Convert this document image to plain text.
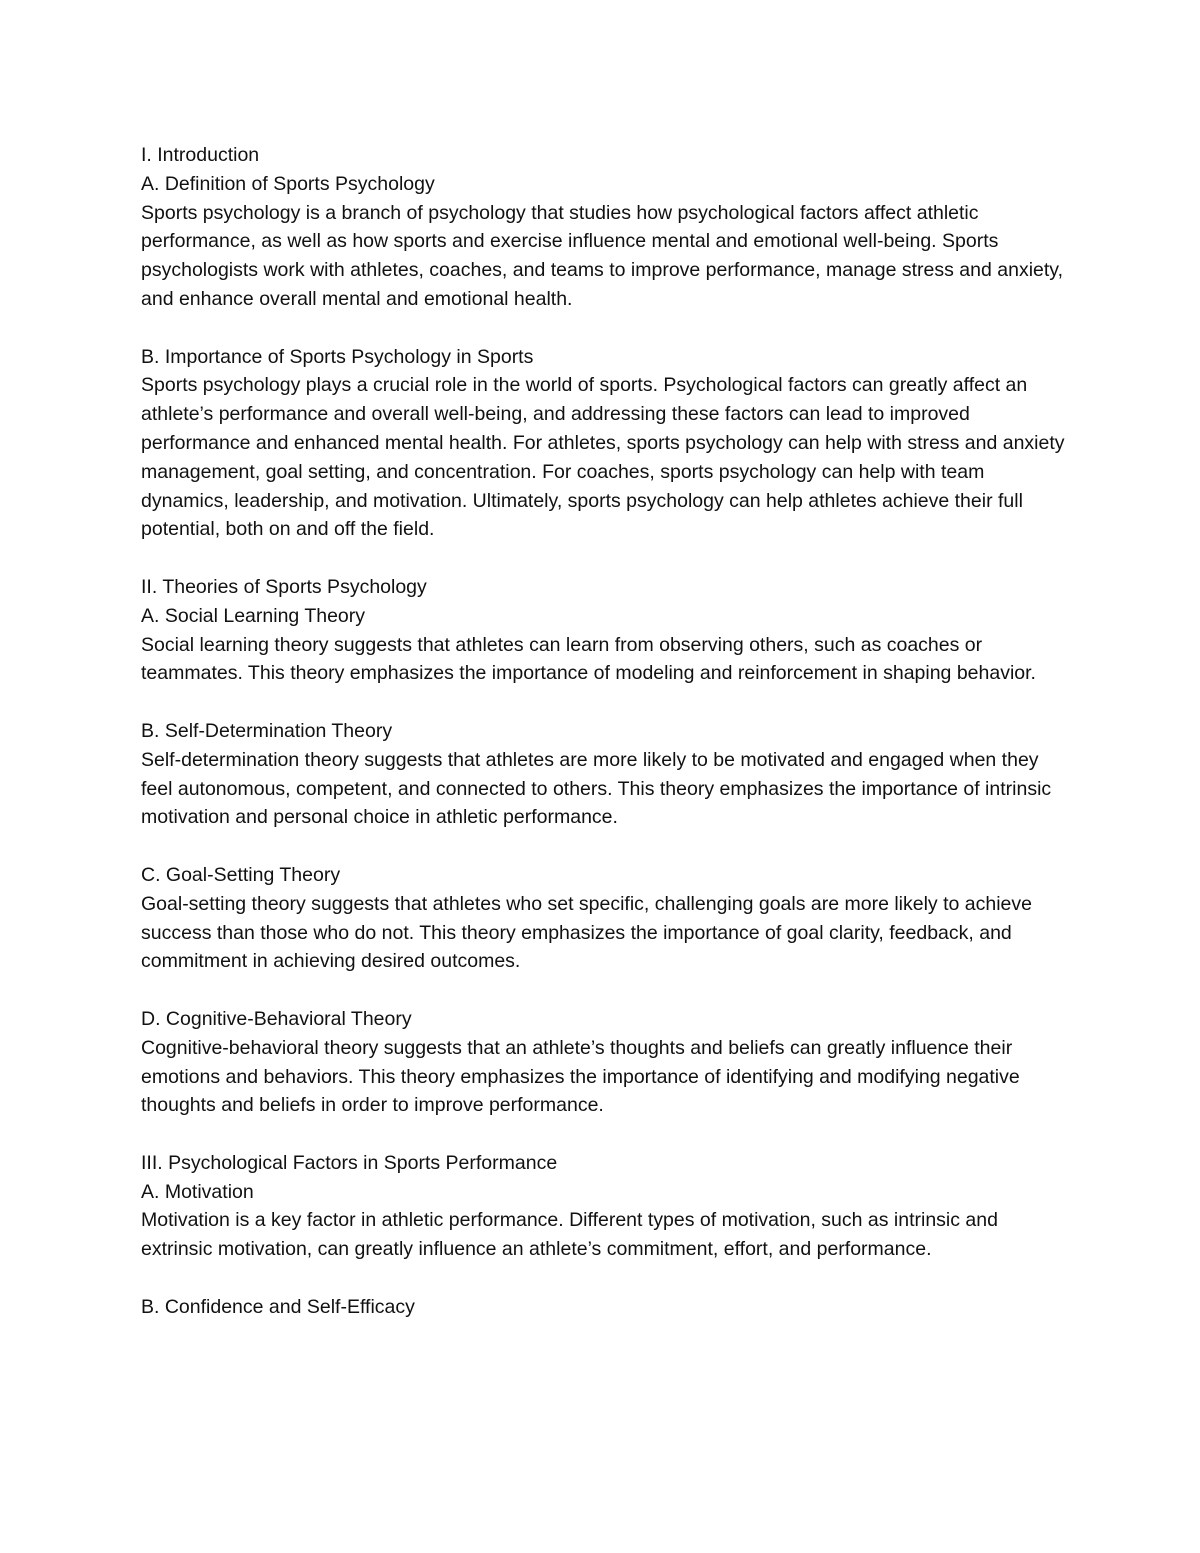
I. Introduction

A. Definition of Sports Psychology

Sports psychology is a branch of psychology that studies how psychological factors affect athletic performance, as well as how sports and exercise influence mental and emotional well-being. Sports psychologists work with athletes, coaches, and teams to improve performance, manage stress and anxiety, and enhance overall mental and emotional health.

B. Importance of Sports Psychology in Sports

Sports psychology plays a crucial role in the world of sports. Psychological factors can greatly affect an athlete’s performance and overall well-being, and addressing these factors can lead to improved performance and enhanced mental health. For athletes, sports psychology can help with stress and anxiety management, goal setting, and concentration. For coaches, sports psychology can help with team dynamics, leadership, and motivation. Ultimately, sports psychology can help athletes achieve their full potential, both on and off the field.

II. Theories of Sports Psychology

A. Social Learning Theory

Social learning theory suggests that athletes can learn from observing others, such as coaches or teammates. This theory emphasizes the importance of modeling and reinforcement in shaping behavior.

B. Self-Determination Theory

Self-determination theory suggests that athletes are more likely to be motivated and engaged when they feel autonomous, competent, and connected to others. This theory emphasizes the importance of intrinsic motivation and personal choice in athletic performance.

C. Goal-Setting Theory

Goal-setting theory suggests that athletes who set specific, challenging goals are more likely to achieve success than those who do not. This theory emphasizes the importance of goal clarity, feedback, and commitment in achieving desired outcomes.

D. Cognitive-Behavioral Theory

Cognitive-behavioral theory suggests that an athlete’s thoughts and beliefs can greatly influence their emotions and behaviors. This theory emphasizes the importance of identifying and modifying negative thoughts and beliefs in order to improve performance.

III. Psychological Factors in Sports Performance

A. Motivation

Motivation is a key factor in athletic performance. Different types of motivation, such as intrinsic and extrinsic motivation, can greatly influence an athlete’s commitment, effort, and performance.

B. Confidence and Self-Efficacy
